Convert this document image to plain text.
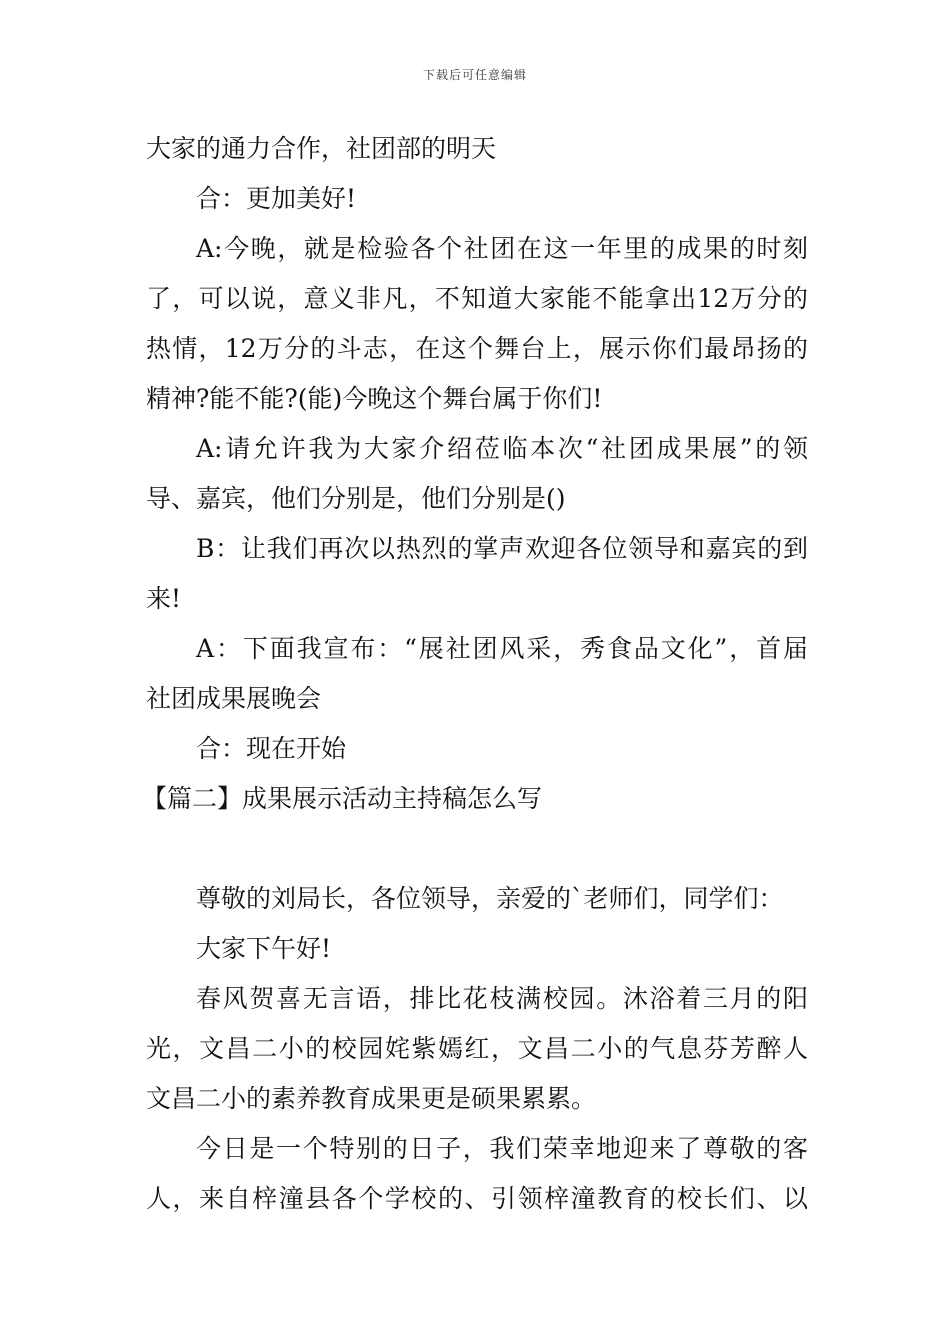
下载后可任意编辑
大家的通力合作，社团部的明天
合：更加美好!
A:今晚，就是检验各个社团在这一年里的成果的时刻
了，可以说，意义非凡，不知道大家能不能拿出12万分的
热情，12万分的斗志，在这个舞台上，展示你们最昂扬的
精神?能不能?(能)今晚这个舞台属于你们!
A:请允许我为大家介绍莅临本次“社团成果展”的领
导、嘉宾，他们分别是，他们分别是()
B：让我们再次以热烈的掌声欢迎各位领导和嘉宾的到
来!
A：下面我宣布：“展社团风采，秀食品文化”，首届
社团成果展晚会
合：现在开始
【篇二】成果展示活动主持稿怎么写
尊敬的刘局长，各位领导，亲爱的`老师们，同学们：
大家下午好!
春风贺喜无言语，排比花枝满校园。沐浴着三月的阳
光，文昌二小的校园姹紫嫣红，文昌二小的气息芬芳醉人
文昌二小的素养教育成果更是硕果累累。
今日是一个特别的日子，我们荣幸地迎来了尊敬的客
人，来自梓潼县各个学校的、引领梓潼教育的校长们、以
